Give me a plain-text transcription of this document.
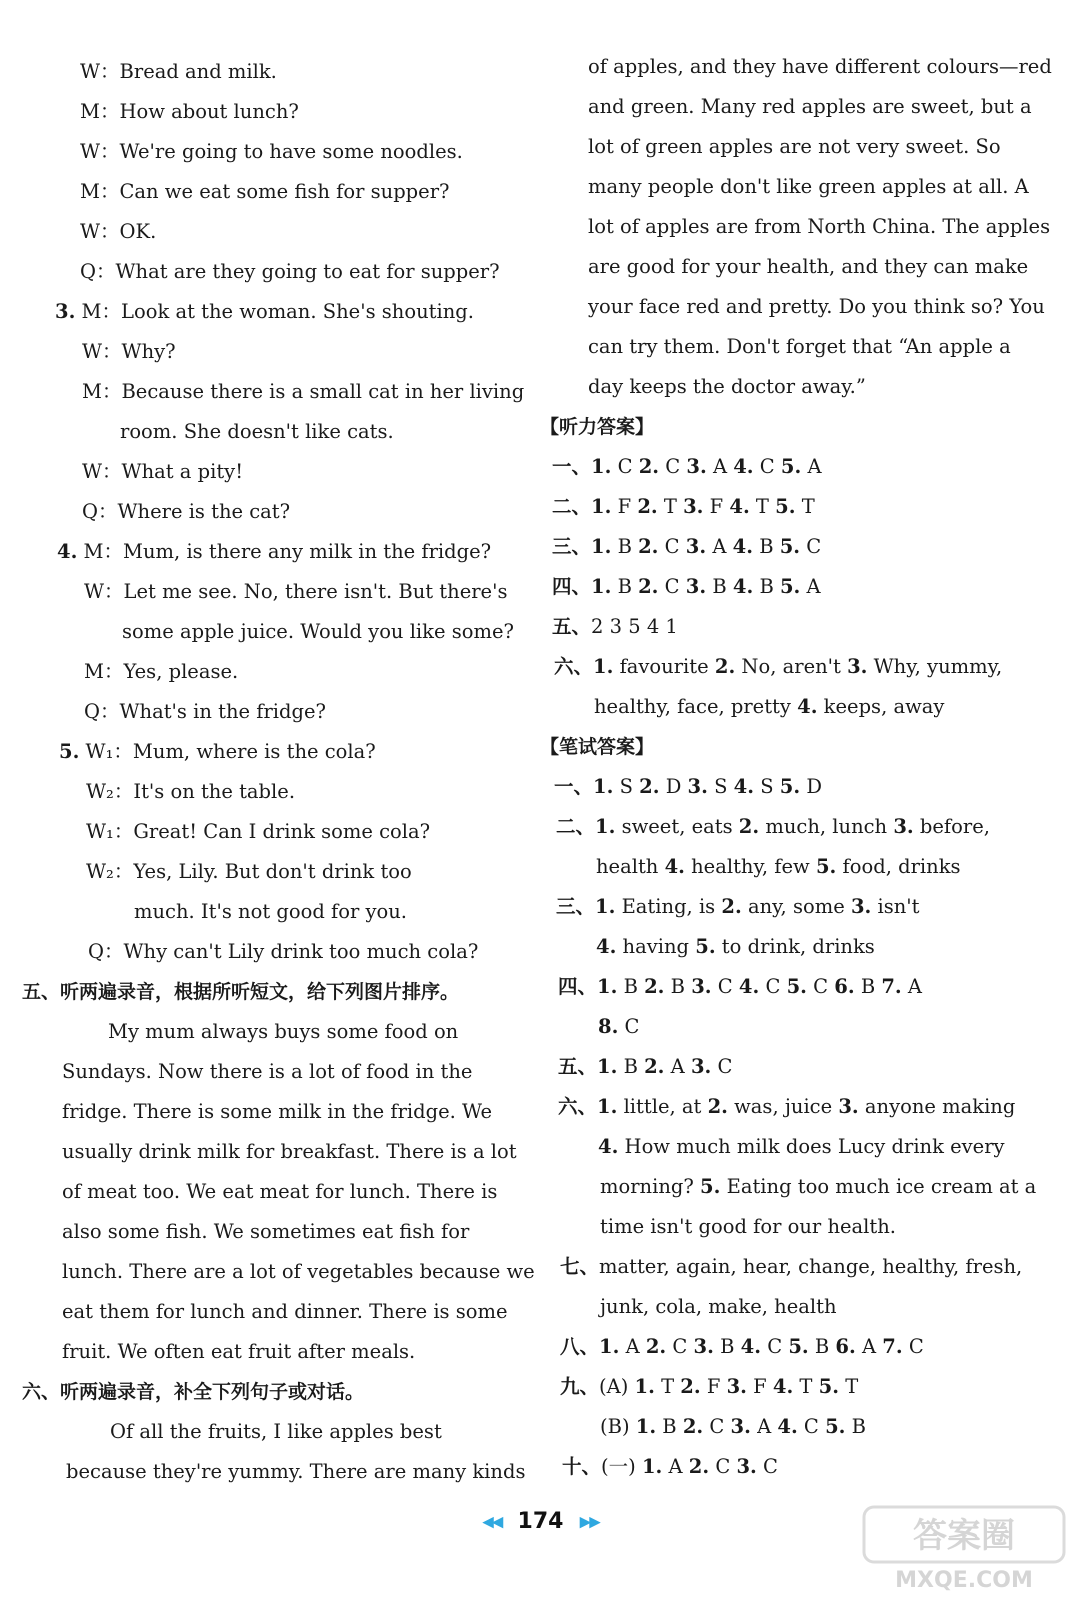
W：Bread and milk.
M：How about lunch?
W：We're going to have some noodles.
M：Can we eat some fish for supper?
W：OK.
Q：What are they going to eat for supper?
3. M：Look at the woman. She's shouting.
W：Why?
M：Because there is a small cat in her living
room. She doesn't like cats.
W：What a pity!
Q：Where is the cat?
4. M：Mum, is there any milk in the fridge?
W：Let me see. No, there isn't. But there's
some apple juice. Would you like some?
M：Yes, please.
Q：What's in the fridge?
5. W₁：Mum, where is the cola?
W₂：It's on the table.
W₁：Great! Can I drink some cola?
W₂：Yes, Lily. But don't drink too
much. It's not good for you.
Q：Why can't Lily drink too much cola?
五、听两遍录音，根据所听短文，给下列图片排序。
My mum always buys some food on
Sundays. Now there is a lot of food in the
fridge. There is some milk in the fridge. We
usually drink milk for breakfast. There is a lot
of meat too. We eat meat for lunch. There is
also some fish. We sometimes eat fish for
lunch. There are a lot of vegetables because we
eat them for lunch and dinner. There is some
fruit. We often eat fruit after meals.
六、听两遍录音，补全下列句子或对话。
Of all the fruits, I like apples best
because they're yummy. There are many kinds
of apples, and they have different colours—red
and green. Many red apples are sweet, but a
lot of green apples are not very sweet. So
many people don't like green apples at all. A
lot of apples are from North China. The apples
are good for your health, and they can make
your face red and pretty. Do you think so? You
can try them. Don't forget that “An apple a
day keeps the doctor away.”
【听力答案】
一、1. C 2. C 3. A 4. C 5. A
二、1. F 2. T 3. F 4. T 5. T
三、1. B 2. C 3. A 4. B 5. C
四、1. B 2. C 3. B 4. B 5. A
五、2 3 5 4 1
六、1. favourite 2. No, aren't 3. Why, yummy,
healthy, face, pretty 4. keeps, away
【笔试答案】
一、1. S 2. D 3. S 4. S 5. D
二、1. sweet, eats 2. much, lunch 3. before,
health 4. healthy, few 5. food, drinks
三、1. Eating, is 2. any, some 3. isn't
4. having 5. to drink, drinks
四、1. B 2. B 3. C 4. C 5. C 6. B 7. A
8. C
五、1. B 2. A 3. C
六、1. little, at 2. was, juice 3. anyone making
4. How much milk does Lucy drink every
morning? 5. Eating too much ice cream at a
time isn't good for our health.
七、matter, again, hear, change, healthy, fresh,
junk, cola, make, health
八、1. A 2. C 3. B 4. C 5. B 6. A 7. C
九、(A) 1. T 2. F 3. F 4. T 5. T
(B) 1. B 2. C 3. A 4. C 5. B
十、(一) 1. A 2. C 3. C
◀◀ 174 ▶▶	答案圈
MXQE.COM
